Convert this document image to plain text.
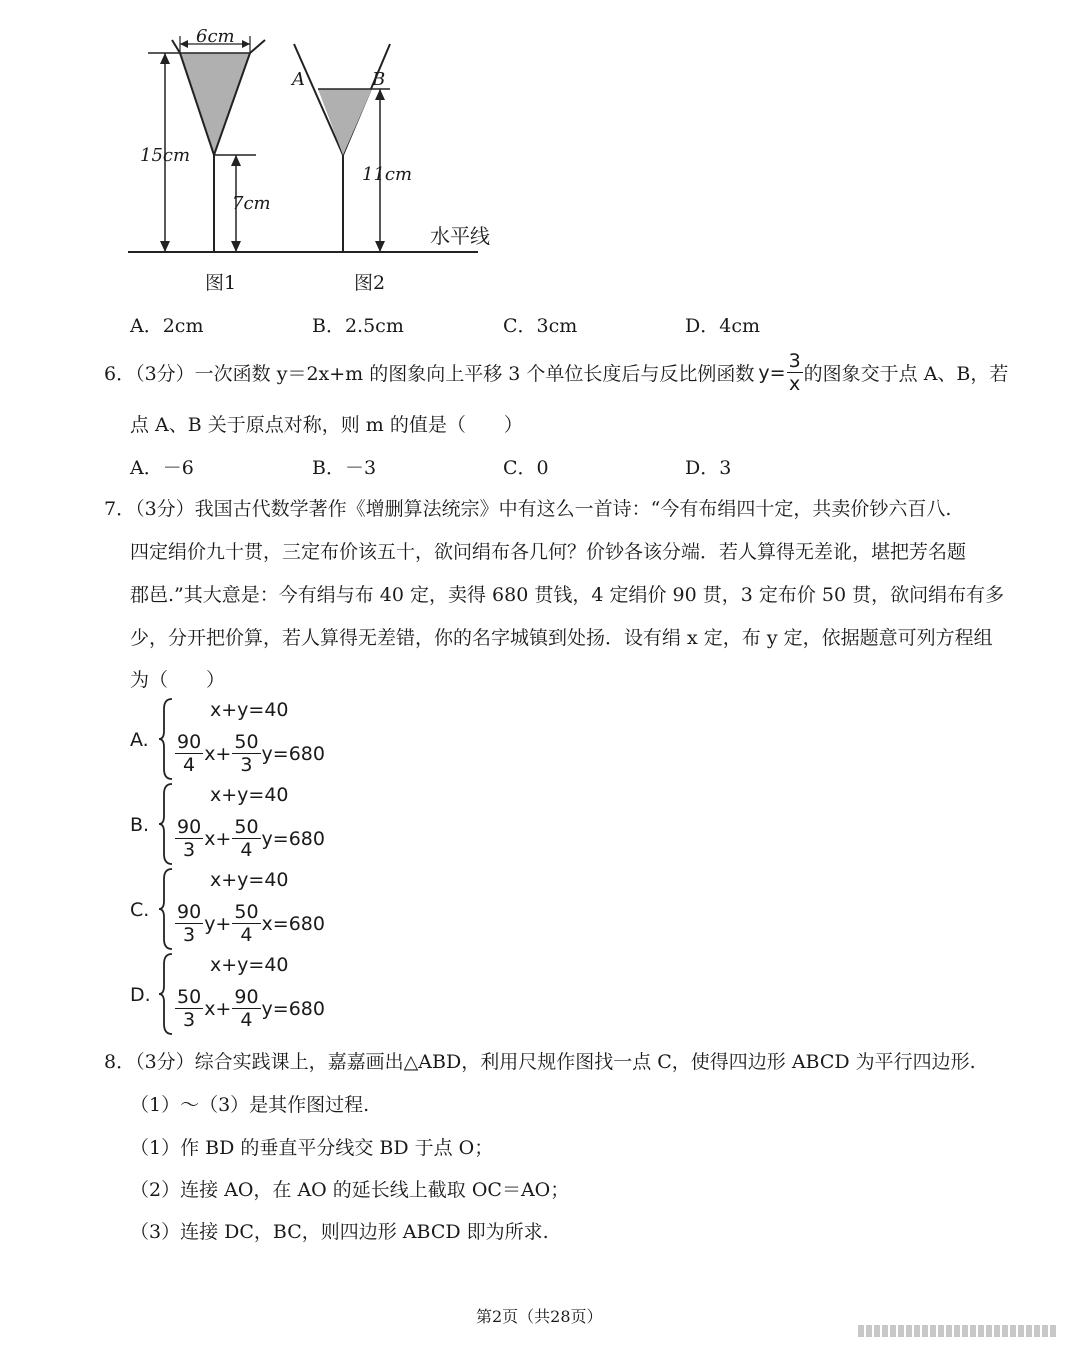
6cm
15cm
7cm
A	B
11cm
水平线
图1	图2
A．2cm	B．2.5cm	C．3cm	D．4cm
6．（3分）一次函数 y＝2x+m 的图象向上平移 3 个单位长度后与反比例函数 $y= \frac{3}{x}$ 的图象交于点 A、B，若
点 A、B 关于原点对称，则 m 的值是（　　）
A．－6	B．－3	C．0	D．3
7．（3分）我国古代数学著作《增删算法统宗》中有这么一首诗：“今有布绢四十定，共卖价钞六百八.
四定绢价九十贯，三定布价该五十，欲问绢布各几何？价钞各该分端．若人算得无差讹，堪把芳名题
郡邑.”其大意是：今有绢与布 40 定，卖得 680 贯钱，4 定绢价 90 贯，3 定布价 50 贯，欲问绢布有多
少，分开把价算，若人算得无差错，你的名字城镇到处扬．设有绢 x 定，布 y 定，依据题意可列方程组
为（　　）
A.
x+y=40
$\frac{90}{4} x+ \frac{50}{3} y=680$
B.
x+y=40
$\frac{90}{3} x+ \frac{50}{4} y=680$
C.
x+y=40
$\frac{90}{3} y+ \frac{50}{4} x=680$
D.
x+y=40
$\frac{50}{3} x+ \frac{90}{4} y=680$
8．（3分）综合实践课上，嘉嘉画出△ABD，利用尺规作图找一点 C，使得四边形 ABCD 为平行四边形.
（1）～（3）是其作图过程.
（1）作 BD 的垂直平分线交 BD 于点 O；
（2）连接 AO，在 AO 的延长线上截取 OC＝AO；
（3）连接 DC，BC，则四边形 ABCD 即为所求.
第2页（共28页）
